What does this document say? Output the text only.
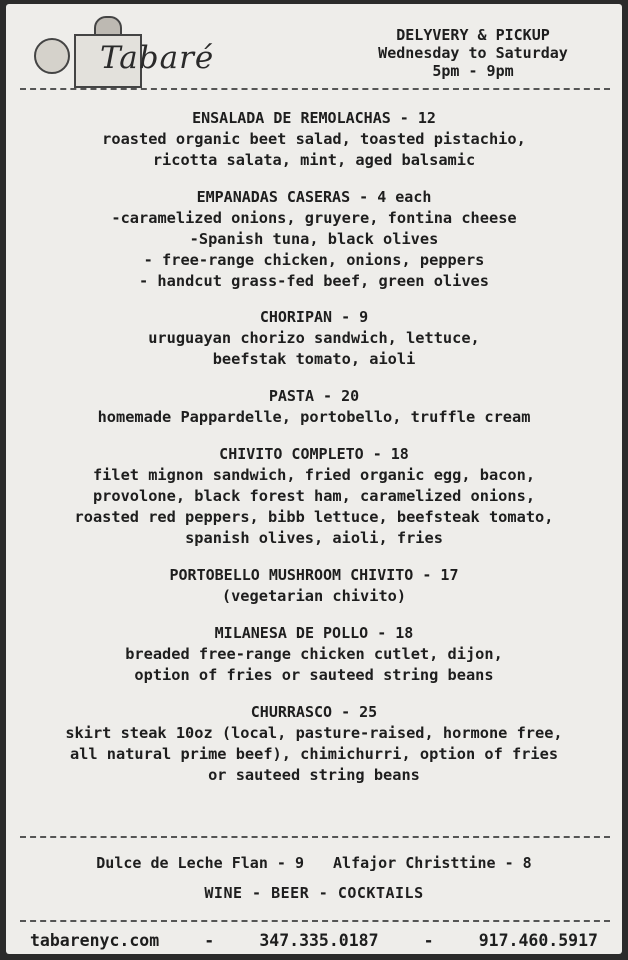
Tabaré
DELYVERY & PICKUP
Wednesday to Saturday
5pm - 9pm
ENSALADA DE REMOLACHAS - 12
roasted organic beet salad, toasted pistachio,
ricotta salata, mint, aged balsamic
EMPANADAS CASERAS - 4 each
-caramelized onions, gruyere, fontina cheese
-Spanish tuna, black olives
- free-range chicken, onions, peppers
- handcut grass-fed beef, green olives
CHORIPAN - 9
uruguayan chorizo sandwich, lettuce,
beefstak tomato, aioli
PASTA - 20
homemade Pappardelle, portobello, truffle cream
CHIVITO COMPLETO - 18
filet mignon sandwich, fried organic egg, bacon,
provolone, black forest ham, caramelized onions,
roasted red peppers, bibb lettuce, beefsteak tomato,
spanish olives, aioli, fries
PORTOBELLO MUSHROOM CHIVITO - 17
(vegetarian chivito)
MILANESA DE POLLO - 18
breaded free-range chicken cutlet, dijon,
option of fries or sauteed string beans
CHURRASCO - 25
skirt steak 10oz (local, pasture-raised, hormone free,
all natural prime beef), chimichurri, option of fries
or sauteed string beans
Dulce de Leche Flan - 9 Alfajor Christtine - 8
WINE - BEER - COCKTAILS
tabarenyc.com	-	347.335.0187	-	917.460.5917
